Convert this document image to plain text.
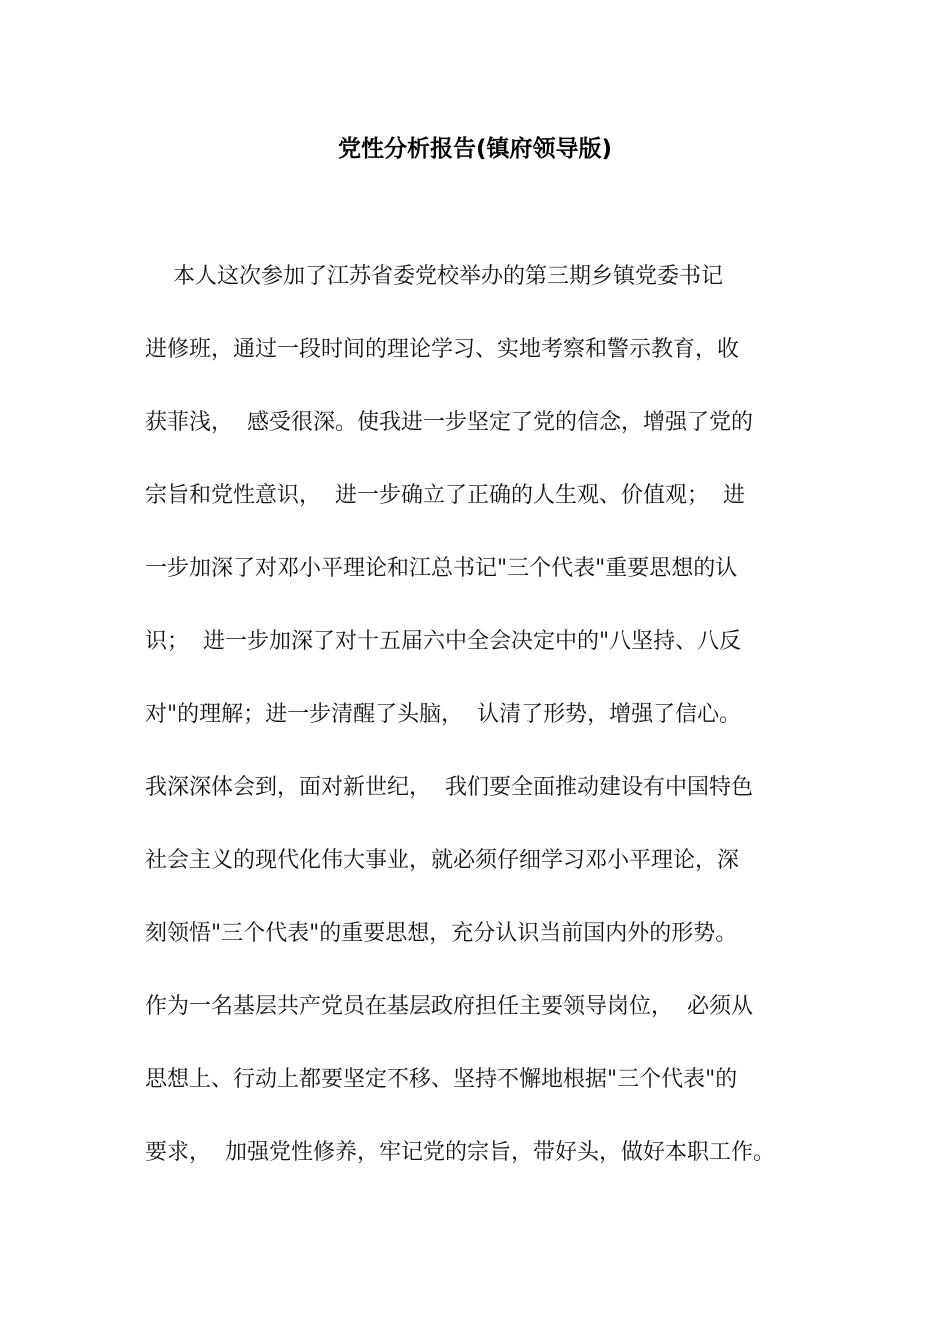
党性分析报告(镇府领导版)

本人这次参加了江苏省委党校举办的第三期乡镇党委书记

进修班，通过一段时间的理论学习、实地考察和警示教育，收

获菲浅，  感受很深。使我进一步坚定了党的信念，增强了党的

宗旨和党性意识，  进一步确立了正确的人生观、价值观；  进

一步加深了对邓小平理论和江总书记"三个代表"重要思想的认

识；  进一步加深了对十五届六中全会决定中的"八坚持、八反

对"的理解；进一步清醒了头脑，  认清了形势，增强了信心。

我深深体会到，面对新世纪，  我们要全面推动建设有中国特色

社会主义的现代化伟大事业，就必须仔细学习邓小平理论，深

刻领悟"三个代表"的重要思想，充分认识当前国内外的形势。

作为一名基层共产党员在基层政府担任主要领导岗位，  必须从

思想上、行动上都要坚定不移、坚持不懈地根据"三个代表"的

要求，  加强党性修养，牢记党的宗旨，带好头，做好本职工作。
